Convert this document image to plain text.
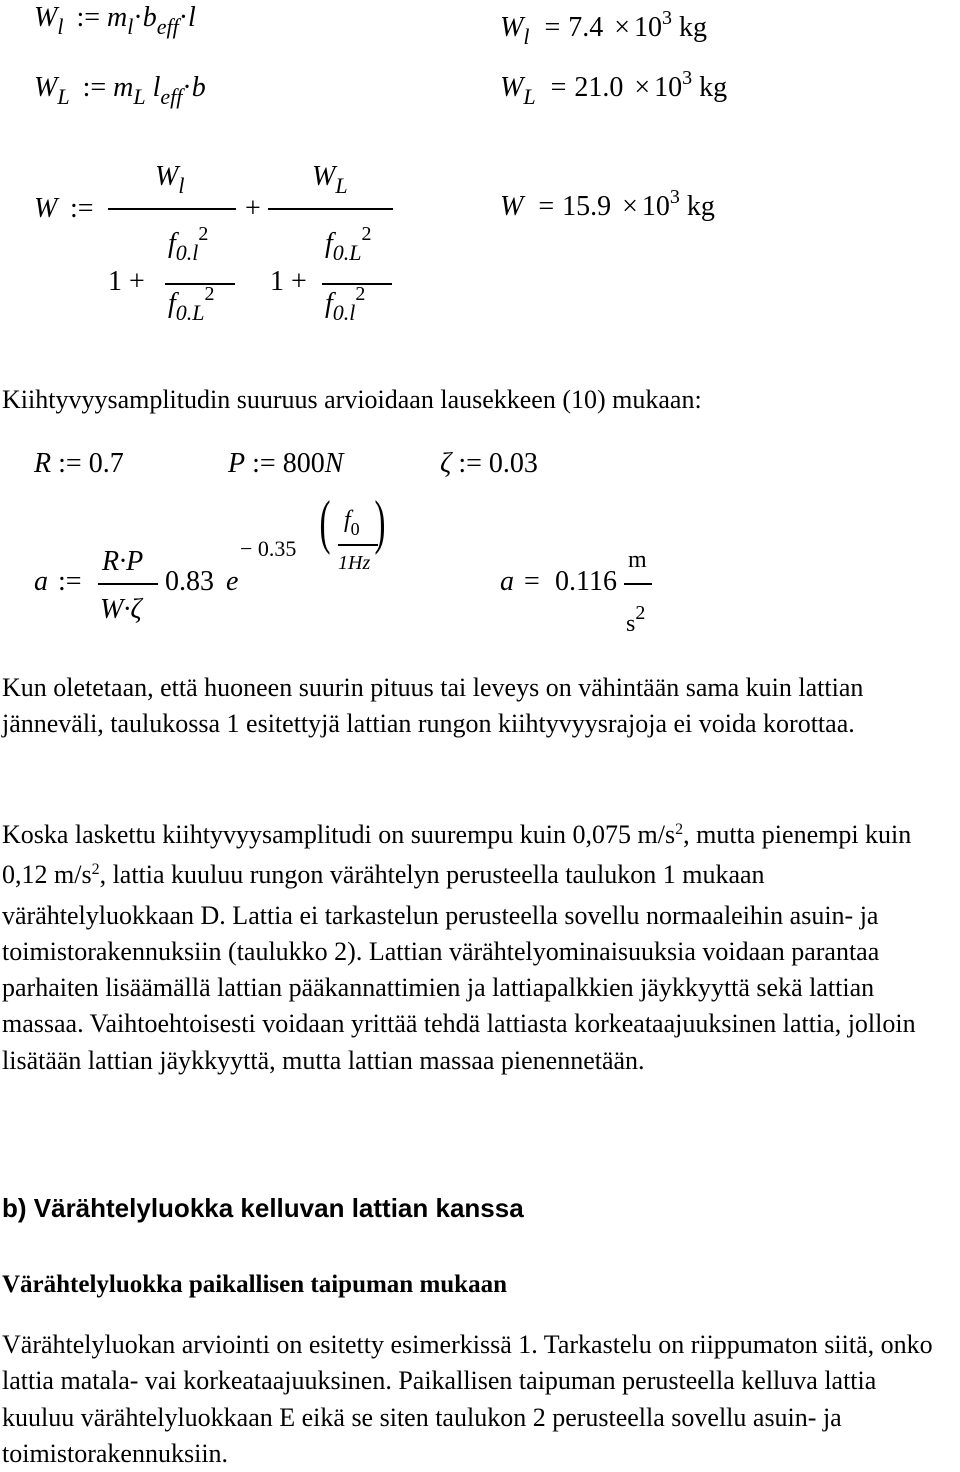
$W_l$ := $m_l\cdot b_{eff}\cdot l$	$W_l = 7.4 \times 10^3$ kg
$W_L$ := $m_L$ $l_{eff}\cdot b$	$W_L = 21.0 \times 10^3$ kg
W :=
$W_l$
1 +
$f_{0.l}^2$
$f_{0.L}^2$
+
$W_L$
1 +
$f_{0.L}^2$
$f_{0.l}^2$
$W = 15.9 \times 10^3$ kg
Kiihtyvyysamplitudin suuruus arvioidaan lausekkeen (10) mukaan:
R := 0.7	P := 800N	ζ := 0.03
a :=
R·P
W·ζ
0.83 e
− 0.35 ( $f_0$
1Hz
)
a = 0.116
m
$s^2$

Kun oletetaan, että huoneen suurin pituus tai leveys on vähintään sama kuin lattian jänneväli, taulukossa 1 esitettyjä lattian rungon kiihtyvyysrajoja ei voida korottaa.

Koska laskettu kiihtyvyysamplitudi on suurempu kuin 0,075 $m/s^2$, mutta pienempi kuin 0,12 $m/s^2$, lattia kuuluu rungon värähtelyn perusteella taulukon 1 mukaan värähtelyluokkaan D. Lattia ei tarkastelun perusteella sovellu normaaleihin asuin- ja toimistorakennuksiin (taulukko 2). Lattian värähtelyominaisuuksia voidaan parantaa parhaiten lisäämällä lattian pääkannattimien ja lattiapalkkien jäykkyyttä sekä lattian massaa. Vaihtoehtoisesti voidaan yrittää tehdä lattiasta korkeataajuuksinen lattia, jolloin lisätään lattian jäykkyyttä, mutta lattian massaa pienennetään.

b) Värähtelyluokka kelluvan lattian kanssa
Värähtelyluokka paikallisen taipuman mukaan

Värähtelyluokan arviointi on esitetty esimerkissä 1. Tarkastelu on riippumaton siitä, onko lattia matala- vai korkeataajuuksinen. Paikallisen taipuman perusteella kelluva lattia kuuluu värähtelyluokkaan E eikä se siten taulukon 2 perusteella sovellu asuin- ja toimistorakennuksiin.
